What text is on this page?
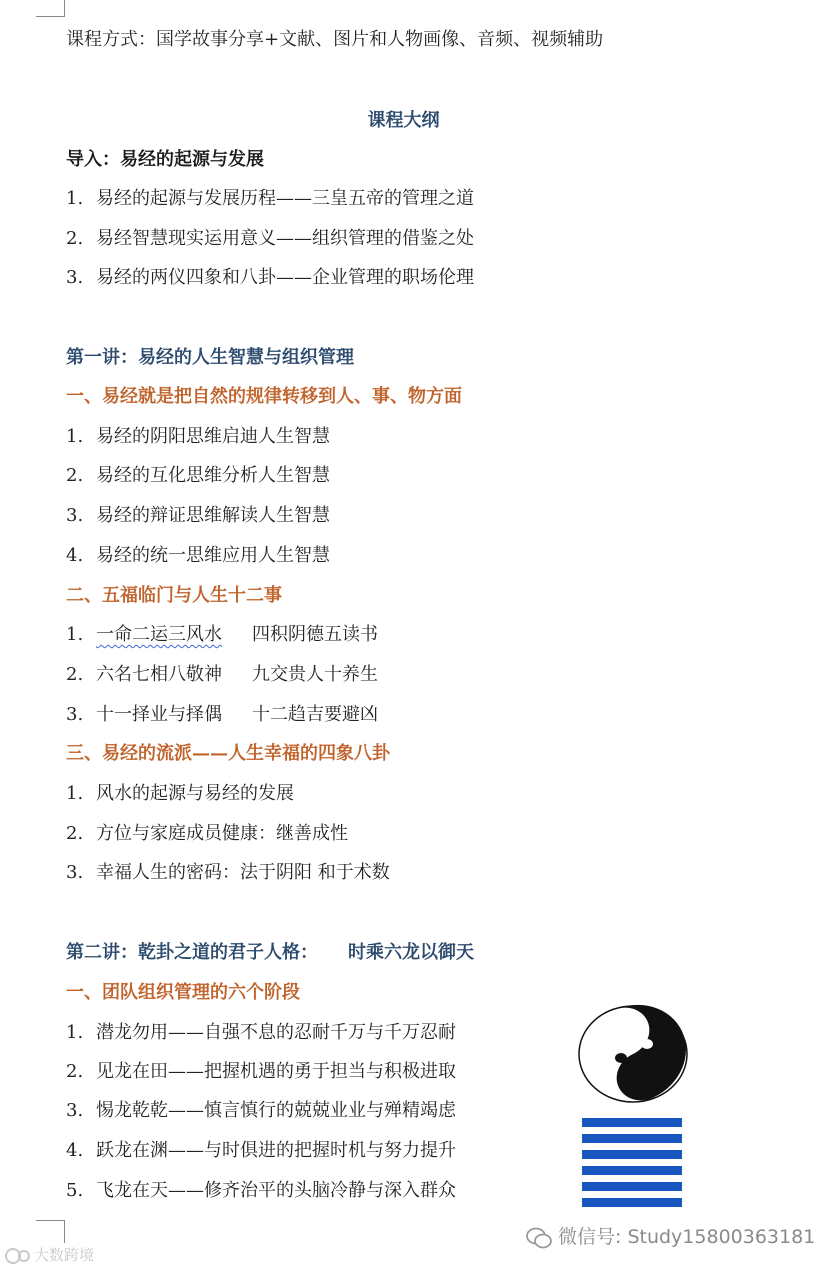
课程方式：国学故事分享+文献、图片和人物画像、音频、视频辅助
课程大纲
导入：易经的起源与发展
1. 易经的起源与发展历程——三皇五帝的管理之道
2. 易经智慧现实运用意义——组织管理的借鉴之处
3. 易经的两仪四象和八卦——企业管理的职场伦理
第一讲：易经的人生智慧与组织管理
一、易经就是把自然的规律转移到人、事、物方面
1. 易经的阴阳思维启迪人生智慧
2. 易经的互化思维分析人生智慧
3. 易经的辩证思维解读人生智慧
4. 易经的统一思维应用人生智慧
二、五福临门与人生十二事
1. 一命二运三风水 四积阴德五读书
2. 六名七相八敬神 九交贵人十养生
3. 十一择业与择偶 十二趋吉要避凶
三、易经的流派——人生幸福的四象八卦
1. 风水的起源与易经的发展
2. 方位与家庭成员健康：继善成性
3. 幸福人生的密码：法于阴阳 和于术数
第二讲：乾卦之道的君子人格： 时乘六龙以御天
一、团队组织管理的六个阶段
1. 潜龙勿用——自强不息的忍耐千万与千万忍耐
2. 见龙在田——把握机遇的勇于担当与积极进取
3. 惕龙乾乾——慎言慎行的兢兢业业与殚精竭虑
4. 跃龙在渊——与时俱进的把握时机与努力提升
5. 飞龙在天——修齐治平的头脑冷静与深入群众
微信号: Study15800363181
大数跨境
